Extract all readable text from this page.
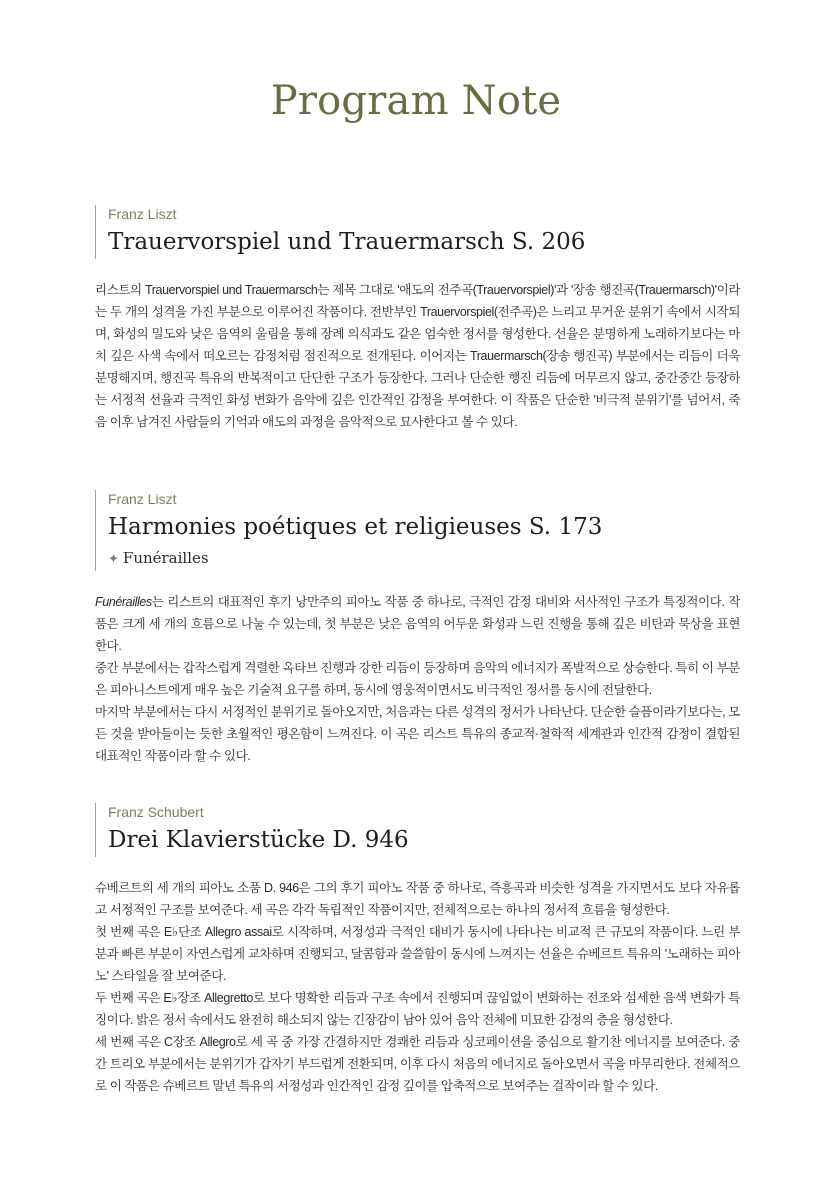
Program Note
Franz Liszt
Trauervorspiel und Trauermarsch S. 206

리스트의 Trauervorspiel und Trauermarsch는 제목 그대로 '애도의 전주곡(Trauervorspiel)'과 '장송 행진곡(Trauermarsch)'이라는 두 개의 성격을 가진 부분으로 이루어진 작품이다. 전반부인 Trauervorspiel(전주곡)은 느리고 무거운 분위기 속에서 시작되며, 화성의 밀도와 낮은 음역의 울림을 통해 장례 의식과도 같은 엄숙한 정서를 형성한다. 선율은 분명하게 노래하기보다는 마치 깊은 사색 속에서 떠오르는 감정처럼 점진적으로 전개된다. 이어지는 Trauermarsch(장송 행진곡) 부분에서는 리듬이 더욱 분명해지며, 행진곡 특유의 반복적이고 단단한 구조가 등장한다. 그러나 단순한 행진 리듬에 머무르지 않고, 중간중간 등장하는 서정적 선율과 극적인 화성 변화가 음악에 깊은 인간적인 감정을 부여한다. 이 작품은 단순한 '비극적 분위기'를 넘어서, 죽음 이후 남겨진 사람들의 기억과 애도의 과정을 음악적으로 묘사한다고 볼 수 있다.

Franz Liszt
Harmonies poétiques et religieuses S. 173
✦ Funérailles

Funérailles는 리스트의 대표적인 후기 낭만주의 피아노 작품 중 하나로, 극적인 감정 대비와 서사적인 구조가 특징적이다. 작품은 크게 세 개의 흐름으로 나눌 수 있는데, 첫 부분은 낮은 음역의 어두운 화성과 느린 진행을 통해 깊은 비탄과 묵상을 표현한다.

중간 부분에서는 갑작스럽게 격렬한 옥타브 진행과 강한 리듬이 등장하며 음악의 에너지가 폭발적으로 상승한다. 특히 이 부분은 피아니스트에게 매우 높은 기술적 요구를 하며, 동시에 영웅적이면서도 비극적인 정서를 동시에 전달한다.

마지막 부분에서는 다시 서정적인 분위기로 돌아오지만, 처음과는 다른 성격의 정서가 나타난다. 단순한 슬픔이라기보다는, 모든 것을 받아들이는 듯한 초월적인 평온함이 느껴진다. 이 곡은 리스트 특유의 종교적·철학적 세계관과 인간적 감정이 결합된 대표적인 작품이라 할 수 있다.

Franz Schubert
Drei Klavierstücke D. 946

슈베르트의 세 개의 피아노 소품 D. 946은 그의 후기 피아노 작품 중 하나로, 즉흥곡과 비슷한 성격을 가지면서도 보다 자유롭고 서정적인 구조를 보여준다. 세 곡은 각각 독립적인 작품이지만, 전체적으로는 하나의 정서적 흐름을 형성한다.

첫 번째 곡은 E♭단조 Allegro assai로 시작하며, 서정성과 극적인 대비가 동시에 나타나는 비교적 큰 규모의 작품이다. 느린 부분과 빠른 부분이 자연스럽게 교차하며 진행되고, 달콤함과 쓸쓸함이 동시에 느껴지는 선율은 슈베르트 특유의 '노래하는 피아노' 스타일을 잘 보여준다.

두 번째 곡은 E♭장조 Allegretto로 보다 명확한 리듬과 구조 속에서 진행되며 끊임없이 변화하는 전조와 섬세한 음색 변화가 특징이다. 밝은 정서 속에서도 완전히 해소되지 않는 긴장감이 남아 있어 음악 전체에 미묘한 감정의 층을 형성한다.

세 번째 곡은 C장조 Allegro로 세 곡 중 가장 간결하지만 경쾌한 리듬과 싱코페이션을 중심으로 활기찬 에너지를 보여준다. 중간 트리오 부분에서는 분위기가 갑자기 부드럽게 전환되며, 이후 다시 처음의 에너지로 돌아오면서 곡을 마무리한다. 전체적으로 이 작품은 슈베르트 말년 특유의 서정성과 인간적인 감정 깊이를 압축적으로 보여주는 걸작이라 할 수 있다.
